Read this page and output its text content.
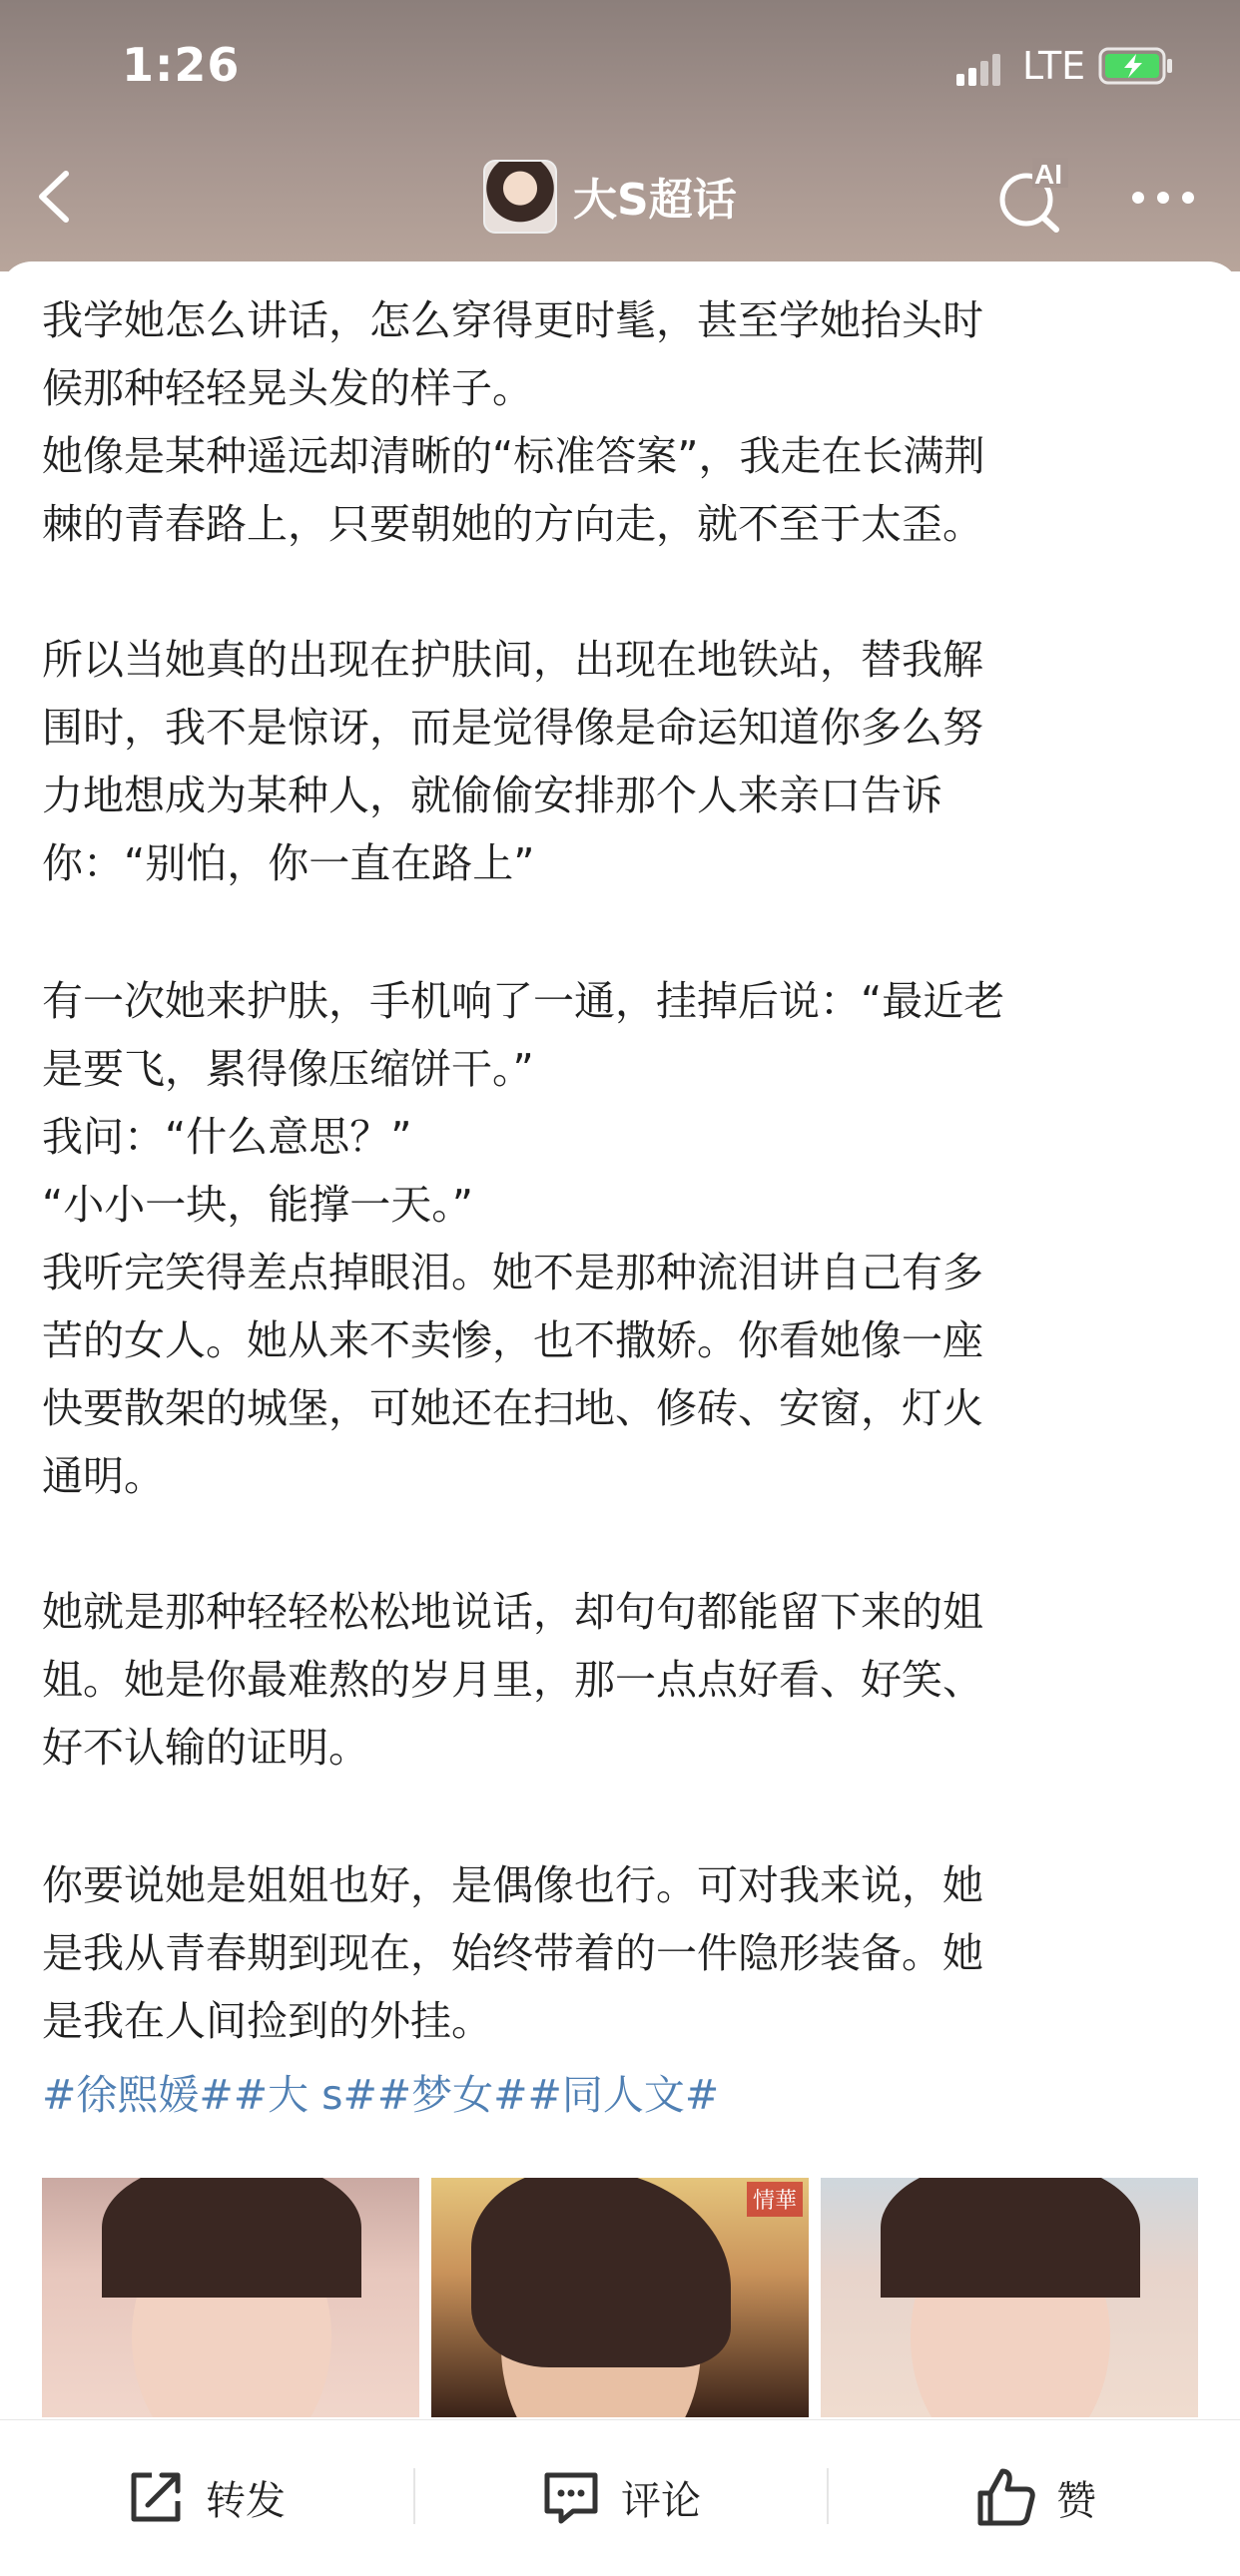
1:26	LTE
大S超话
AI
我学她怎么讲话，怎么穿得更时髦，甚至学她抬头时
候那种轻轻晃头发的样子。
她像是某种遥远却清晰的“标准答案”，我走在长满荆
棘的青春路上，只要朝她的方向走，就不至于太歪。
所以当她真的出现在护肤间，出现在地铁站，替我解
围时，我不是惊讶，而是觉得像是命运知道你多么努
力地想成为某种人，就偷偷安排那个人来亲口告诉
你：“别怕，你一直在路上”
有一次她来护肤，手机响了一通，挂掉后说：“最近老
是要飞，累得像压缩饼干。”
我问：“什么意思？”
“小小一块，能撑一天。”
我听完笑得差点掉眼泪。她不是那种流泪讲自己有多
苦的女人。她从来不卖惨，也不撒娇。你看她像一座
快要散架的城堡，可她还在扫地、修砖、安窗，灯火
通明。
她就是那种轻轻松松地说话，却句句都能留下来的姐
姐。她是你最难熬的岁月里，那一点点好看、好笑、
好不认输的证明。
你要说她是姐姐也好，是偶像也行。可对我来说，她
是我从青春期到现在，始终带着的一件隐形装备。她
是我在人间捡到的外挂。
#徐熙媛##大 s##梦女##同人文#
情華
转发	评论	赞
